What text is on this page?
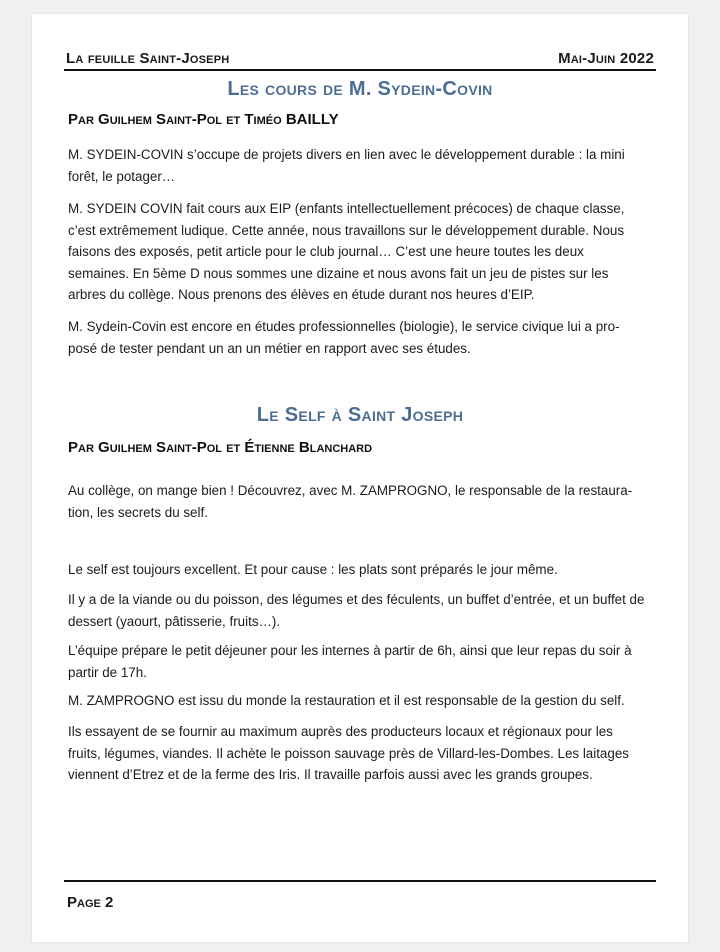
La feuille Saint-Joseph	Mai-Juin 2022
Les cours de M. Sydein-Covin
Par Guilhem Saint-Pol et Timéo BAILLY
M. SYDEIN-COVIN s’occupe de projets divers en lien avec le développement durable : la mini forêt, le potager…
M. SYDEIN COVIN fait cours aux EIP (enfants intellectuellement précoces) de chaque classe, c’est extrêmement ludique. Cette année, nous travaillons sur le développement durable. Nous faisons des exposés, petit article pour le club journal… C’est une heure toutes les deux semaines. En 5ème D nous sommes une dizaine et nous avons fait un jeu de pistes sur les arbres du collège. Nous prenons des élèves en étude durant nos heures d’EIP.
M. Sydein-Covin est encore en études professionnelles (biologie), le service civique lui a pro-posé de tester pendant un an un métier en rapport avec ses études.
Le Self à Saint Joseph
Par Guilhem Saint-Pol et Étienne Blanchard
Au collège, on mange bien ! Découvrez, avec M. ZAMPROGNO, le responsable de la restaura-tion, les secrets du self.
Le self est toujours excellent. Et pour cause : les plats sont préparés le jour même.
Il y a de la viande ou du poisson, des légumes et des féculents, un buffet d’entrée, et un buffet de dessert (yaourt, pâtisserie, fruits…).
L’équipe prépare le petit déjeuner pour les internes à partir de 6h, ainsi que leur repas du soir à partir de 17h.
M. ZAMPROGNO est issu du monde la restauration et il est responsable de la gestion du self.
Ils essayent de se fournir au maximum auprès des producteurs locaux et régionaux pour les fruits, légumes, viandes. Il achète le poisson sauvage près de Villard-les-Dombes. Les laitages viennent d’Etrez et de la ferme des Iris. Il travaille parfois aussi avec les grands groupes.
Page 2
